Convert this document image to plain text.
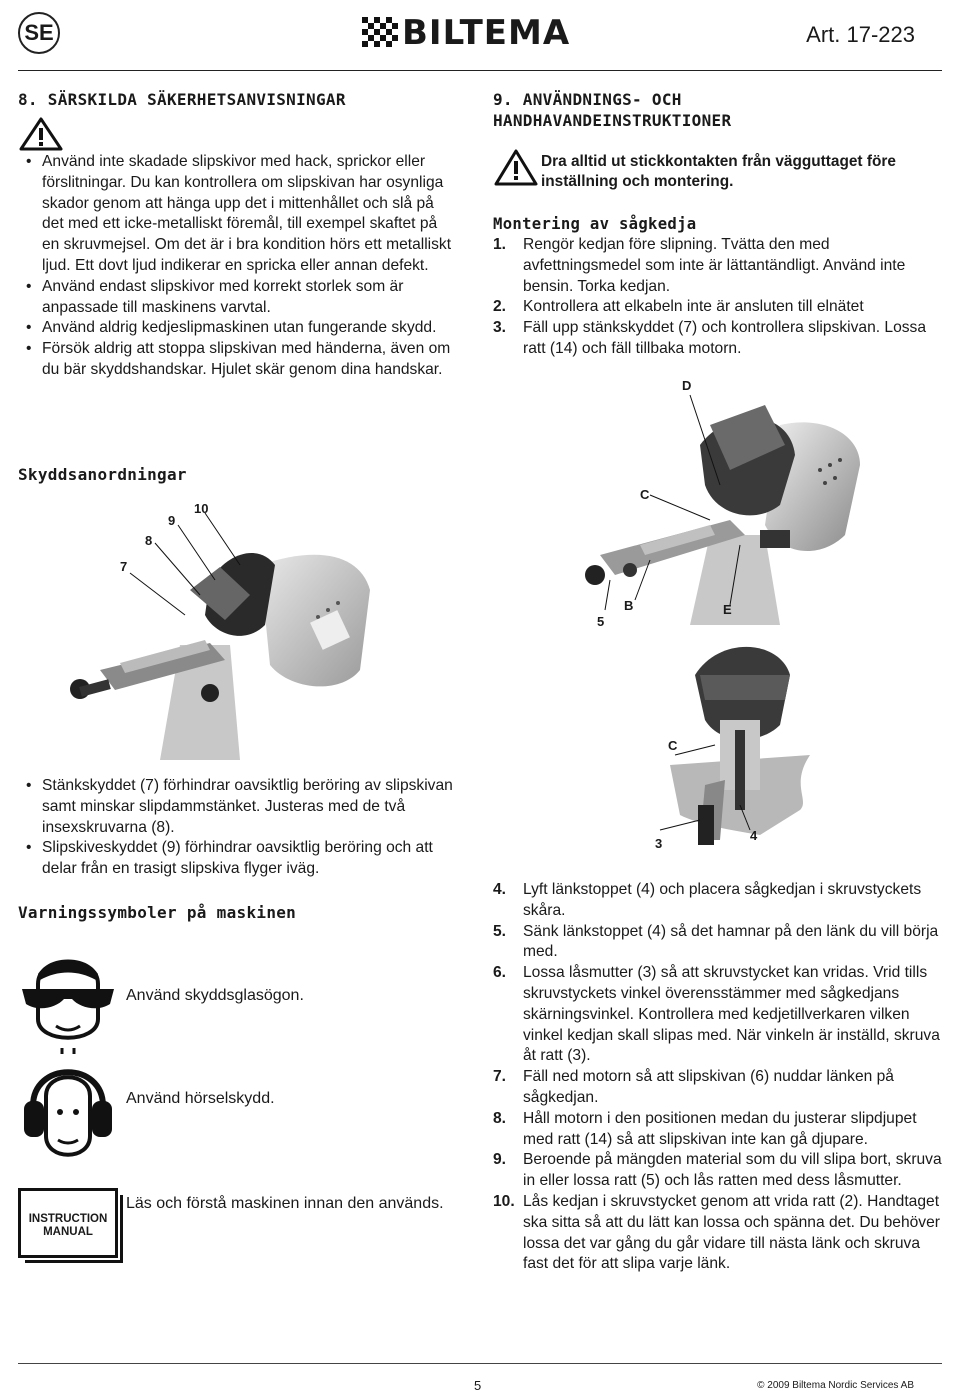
SE	BILTEMA	Art. 17-223
8. SÄRSKILDA SÄKERHETSANVISNINGAR
• Använd inte skadade slipskivor med hack, sprickor eller förslitningar. Du kan kontrollera om slipskivan har osynliga skador genom att hänga upp det i mittenhållet och slå på det med ett icke-metalliskt föremål, till exempel skaftet på en skruvmejsel. Om det är i bra kondition hörs ett metalliskt ljud. Ett dovt ljud indikerar en spricka eller annan defekt.
• Använd endast slipskivor med korrekt storlek som är anpassade till maskinens varvtal.
• Använd aldrig kedjeslipmaskinen utan fungerande skydd.
• Försök aldrig att stoppa slipskivan med händerna, även om du bär skyddshandskar. Hjulet skär genom dina handskar.
Skyddsanordningar
7
8
9
10
• Stänkskyddet (7) förhindrar oavsiktlig beröring av slipskivan samt minskar slipdammstänket. Justeras med de två insexskruvarna (8).
• Slipskiveskyddet (9) förhindrar oavsiktlig beröring och att delar från en trasigt slipskiva flyger iväg.
Varningssymboler på maskinen
Använd skyddsglasögon.
Använd hörselskydd.
INSTRUCTION
MANUAL
Läs och förstå maskinen innan den används.
9. ANVÄNDNINGS- OCH
HANDHAVANDEINSTRUKTIONER
Dra alltid ut stickkontakten från vägguttaget före inställning och montering.
Montering av sågkedja
1. Rengör kedjan före slipning. Tvätta den med avfettningsmedel som inte är lättantändligt. Använd inte bensin. Torka kedjan.
2. Kontrollera att elkabeln inte är ansluten till elnätet
3. Fäll upp stänkskyddet (7) och kontrollera slipskivan. Lossa ratt (14) och fäll tillbaka motorn.
D
C
5
B	E
C
3
4
4. Lyft länkstoppet (4) och placera sågkedjan i skruvstyckets skåra.
5. Sänk länkstoppet (4) så det hamnar på den länk du vill börja med.
6. Lossa låsmutter (3) så att skruvstycket kan vridas. Vrid tills skruvstyckets vinkel överensstämmer med sågkedjans skärningsvinkel. Kontrollera med kedjetillverkaren vilken vinkel kedjan skall slipas med. När vinkeln är inställd, skruva åt ratt (3).
7. Fäll ned motorn så att slipskivan (6) nuddar länken på sågkedjan.
8. Håll motorn i den positionen medan du justerar slipdjupet med ratt (14) så att slipskivan inte kan gå djupare.
9. Beroende på mängden material som du vill slipa bort, skruva in eller lossa ratt (5) och lås ratten med dess låsmutter.
10. Lås kedjan i skruvstycket genom att vrida ratt (2). Handtaget ska sitta så att du lätt kan lossa och spänna det. Du behöver lossa det var gång du går vidare till nästa länk och skruva fast det för att slipa varje länk.
5	© 2009 Biltema Nordic Services AB
